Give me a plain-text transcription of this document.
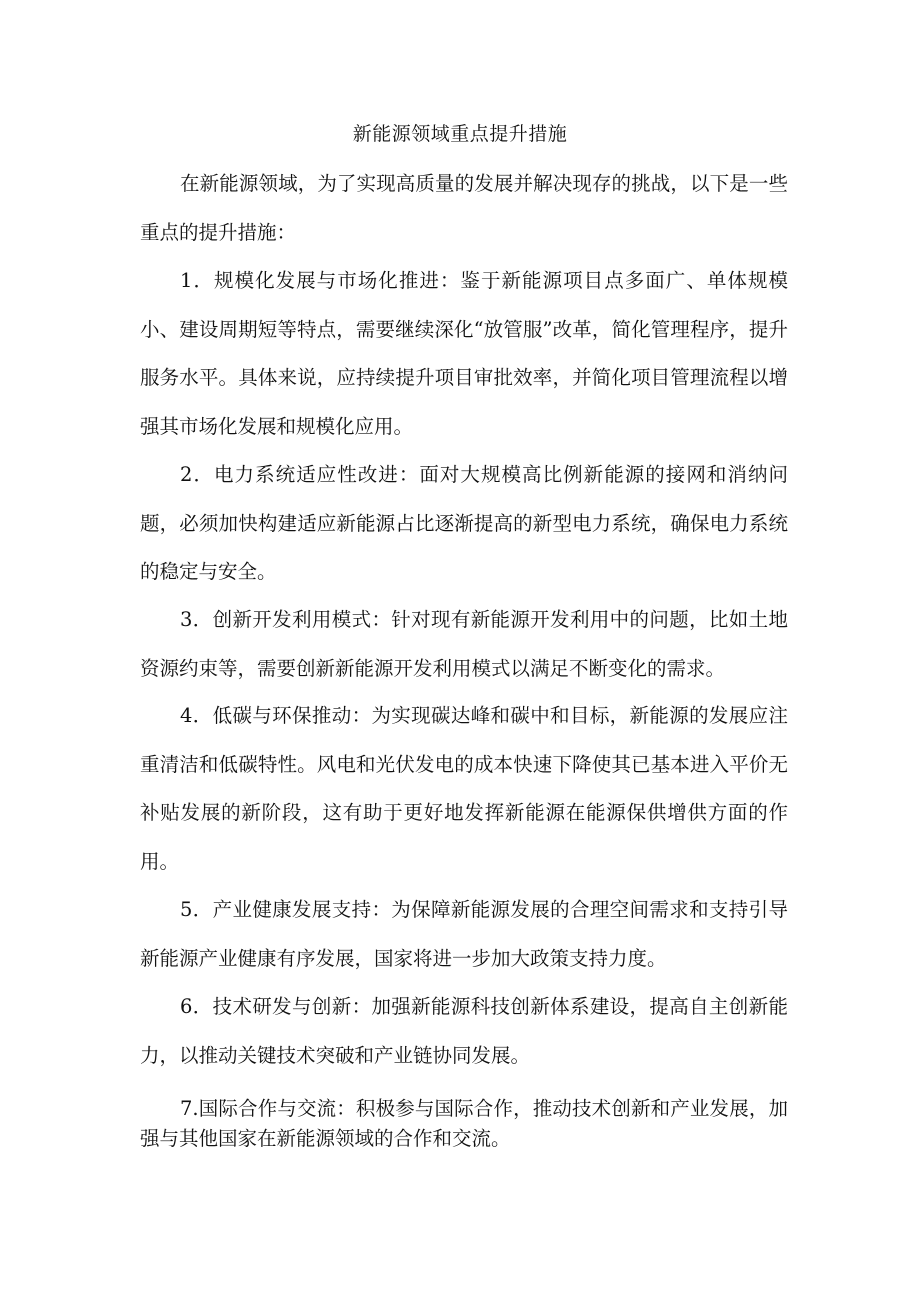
新能源领域重点提升措施

在新能源领域，为了实现高质量的发展并解决现存的挑战，以下是一些重点的提升措施：

1．规模化发展与市场化推进：鉴于新能源项目点多面广、单体规模小、建设周期短等特点，需要继续深化“放管服”改革，简化管理程序，提升服务水平。具体来说，应持续提升项目审批效率，并简化项目管理流程以增强其市场化发展和规模化应用。

2．电力系统适应性改进：面对大规模高比例新能源的接网和消纳问题，必须加快构建适应新能源占比逐渐提高的新型电力系统，确保电力系统的稳定与安全。

3．创新开发利用模式：针对现有新能源开发利用中的问题，比如土地资源约束等，需要创新新能源开发利用模式以满足不断变化的需求。

4．低碳与环保推动：为实现碳达峰和碳中和目标，新能源的发展应注重清洁和低碳特性。风电和光伏发电的成本快速下降使其已基本进入平价无补贴发展的新阶段，这有助于更好地发挥新能源在能源保供增供方面的作用。

5．产业健康发展支持：为保障新能源发展的合理空间需求和支持引导新能源产业健康有序发展，国家将进一步加大政策支持力度。

6．技术研发与创新：加强新能源科技创新体系建设，提高自主创新能力，以推动关键技术突破和产业链协同发展。

7.国际合作与交流：积极参与国际合作，推动技术创新和产业发展，加强与其他国家在新能源领域的合作和交流。
